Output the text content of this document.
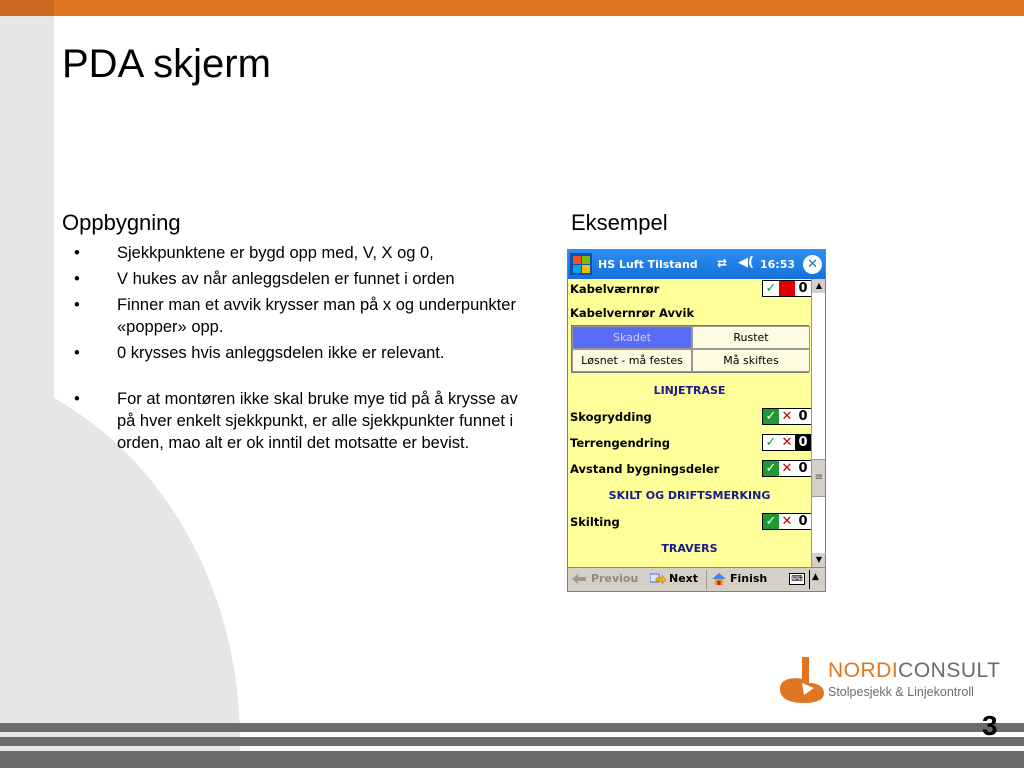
PDA skjerm
Oppbygning	Eksempel
• Sjekkpunktene er bygd opp med, V, X og 0,
• V hukes av når anleggsdelen er funnet i orden
• Finner man et avvik krysser man på x og underpunkter «popper» opp.
• 0 krysses hvis anleggsdelen ikke er relevant.
• For at montøren ikke skal bruke mye tid på å krysse av på hver enkelt sjekkpunkt, er alle sjekkpunkter funnet i orden, mao alt er ok inntil det motsatte er bevist.
HS Luft Tilstand ⇄ ◀( 16:53 ✕
Kabelværnrør	✓ ✕ 0
Kabelvernrør Avvik
Skadet	Rustet
Løsnet - må festes	Må skiftes
LINJETRASE
Skogrydding	✓ ✕ 0
Terrengendring	✓ ✕ 0
Avstand bygningsdeler	✓ ✕ 0
SKILT OG DRIFTSMERKING
Skilting	✓ ✕ 0
TRAVERS
▲
≡
▼
Previou	Next	Finish	⌨ ▲
NORDICONSULT
Stolpesjekk & Linjekontroll
3
